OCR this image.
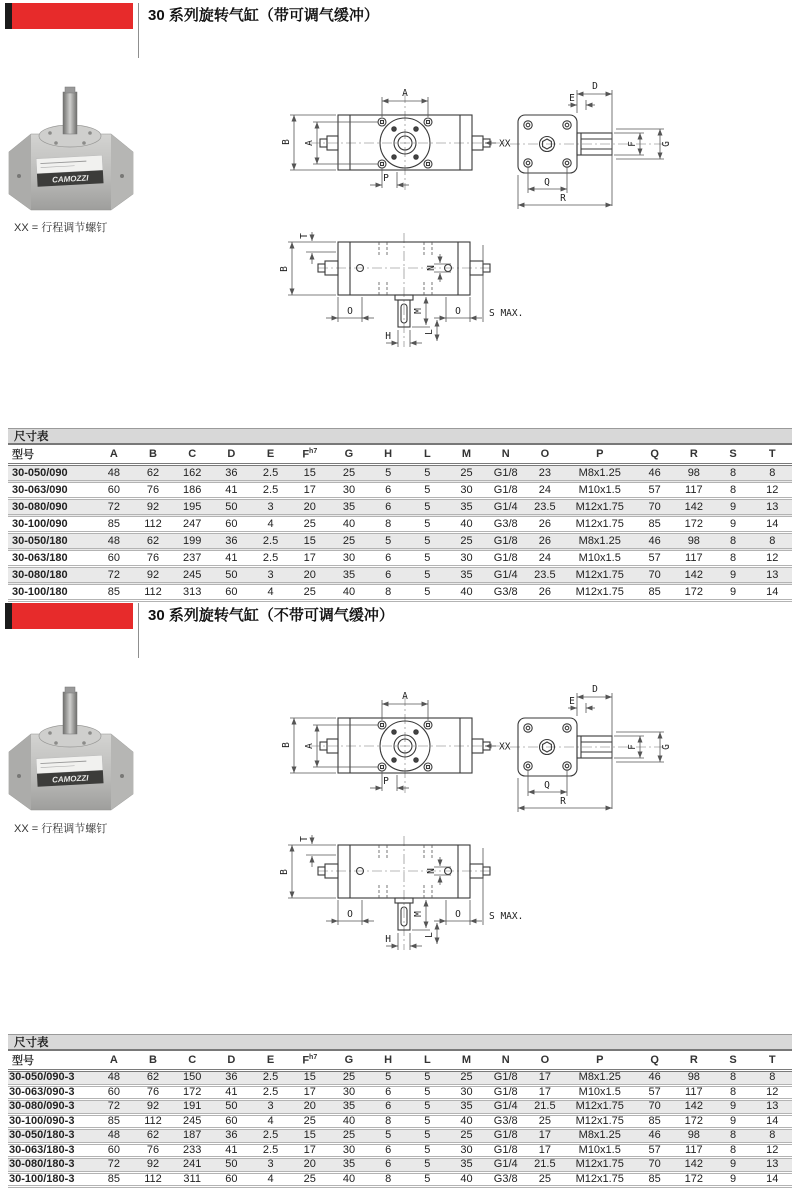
30 系列旋转气缸（带可调气缓冲）
CAMOZZI
XX = 行程调节螺钉
XX
A
B A
P
D
E
F G
Q
R
T
B	N
M
L
H
O	O	S MAX.
尺寸表
型号	A	B	C	D	E	$F^{h7}$	G	H	L	M	N	O	P	Q	R	S	T
30-050/090	48	62	162	36	2.5	15	25	5	5	25	G1/8	23	M8x1.25	46	98	8	8
30-063/090	60	76	186	41	2.5	17	30	6	5	30	G1/8	24	M10x1.5	57	117	8	12
30-080/090	72	92	195	50	3	20	35	6	5	35	G1/4	23.5	M12x1.75	70	142	9	13
30-100/090	85	112	247	60	4	25	40	8	5	40	G3/8	26	M12x1.75	85	172	9	14
30-050/180	48	62	199	36	2.5	15	25	5	5	25	G1/8	26	M8x1.25	46	98	8	8
30-063/180	60	76	237	41	2.5	17	30	6	5	30	G1/8	24	M10x1.5	57	117	8	12
30-080/180	72	92	245	50	3	20	35	6	5	35	G1/4	23.5	M12x1.75	70	142	9	13
30-100/180	85	112	313	60	4	25	40	8	5	40	G3/8	26	M12x1.75	85	172	9	14
30 系列旋转气缸（不带可调气缓冲）
XX = 行程调节螺钉
尺寸表
型号	A	B	C	D	E	$F^{h7}$	G	H	L	M	N	O	P	Q	R	S	T
30-050/090-3	48	62	150	36	2.5	15	25	5	5	25	G1/8	17	M8x1.25	46	98	8	8
30-063/090-3	60	76	172	41	2.5	17	30	6	5	30	G1/8	17	M10x1.5	57	117	8	12
30-080/090-3	72	92	191	50	3	20	35	6	5	35	G1/4	21.5	M12x1.75	70	142	9	13
30-100/090-3	85	112	245	60	4	25	40	8	5	40	G3/8	25	M12x1.75	85	172	9	14
30-050/180-3	48	62	187	36	2.5	15	25	5	5	25	G1/8	17	M8x1.25	46	98	8	8
30-063/180-3	60	76	233	41	2.5	17	30	6	5	30	G1/8	17	M10x1.5	57	117	8	12
30-080/180-3	72	92	241	50	3	20	35	6	5	35	G1/4	21.5	M12x1.75	70	142	9	13
30-100/180-3	85	112	311	60	4	25	40	8	5	40	G3/8	25	M12x1.75	85	172	9	14
